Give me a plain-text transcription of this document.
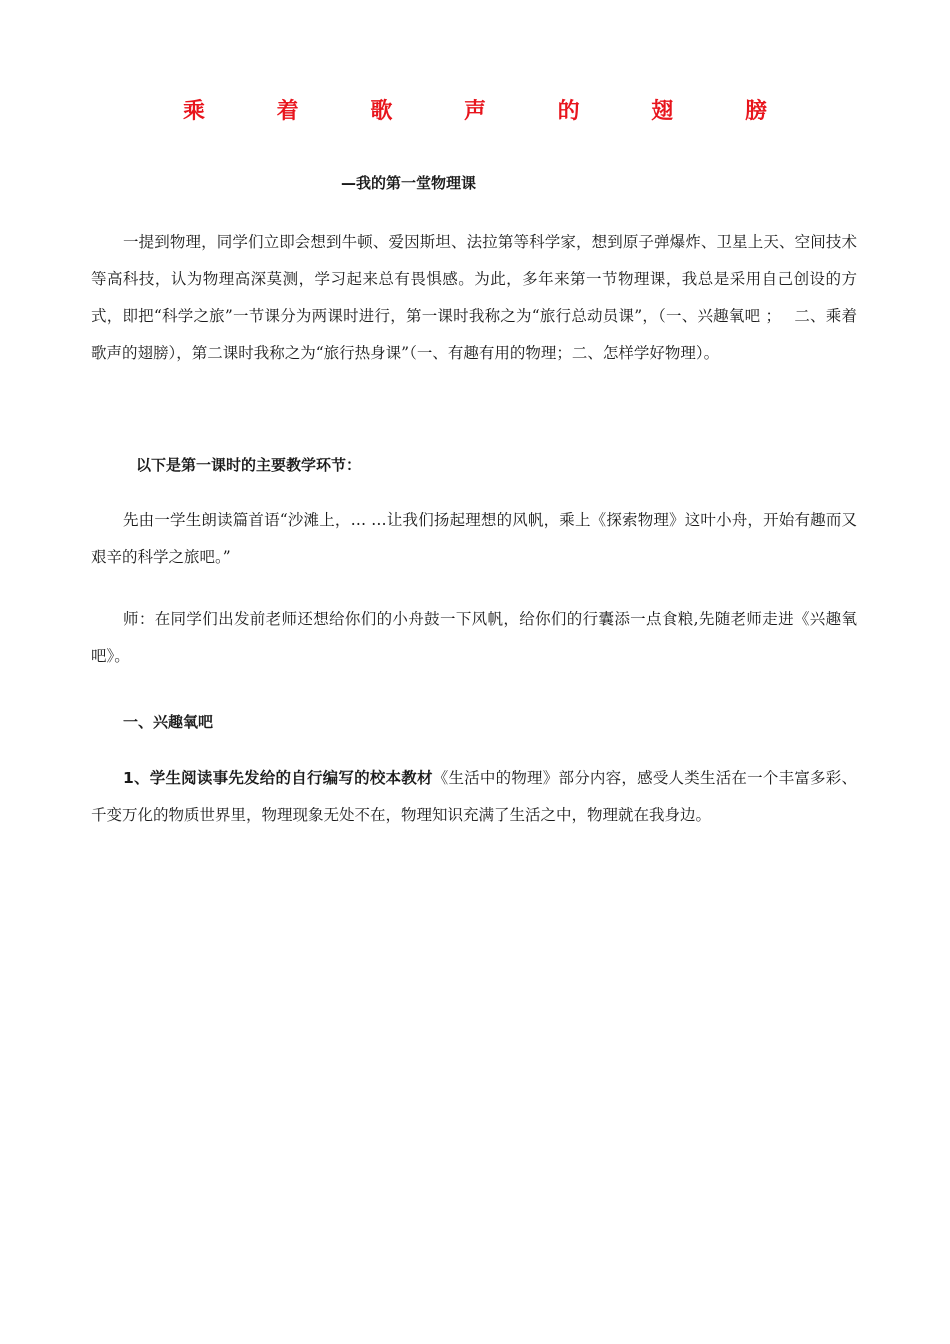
乘 着 歌 声 的 翅 膀

—我的第一堂物理课

一提到物理，同学们立即会想到牛顿、爱因斯坦、法拉第等科学家，想到原子弹爆炸、卫星上天、空间技术等高科技，认为物理高深莫测，学习起来总有畏惧感。为此，多年来第一节物理课，我总是采用自己创设的方式，即把“科学之旅”一节课分为两课时进行，第一课时我称之为“旅行总动员课”，（一、兴趣氧吧 ；　 二、乘着歌声的翅膀），第二课时我称之为“旅行热身课”（一、有趣有用的物理；二、怎样学好物理）。

以下是第一课时的主要教学环节：

先由一学生朗读篇首语“沙滩上，… …让我们扬起理想的风帆，乘上《探索物理》这叶小舟，开始有趣而又艰辛的科学之旅吧。”

师：在同学们出发前老师还想给你们的小舟鼓一下风帆，给你们的行囊添一点食粮,先随老师走进《兴趣氧吧》。

一、兴趣氧吧

1、学生阅读事先发给的自行编写的校本教材《生活中的物理》部分内容，感受人类生活在一个丰富多彩、千变万化的物质世界里，物理现象无处不在，物理知识充满了生活之中，物理就在我身边。
